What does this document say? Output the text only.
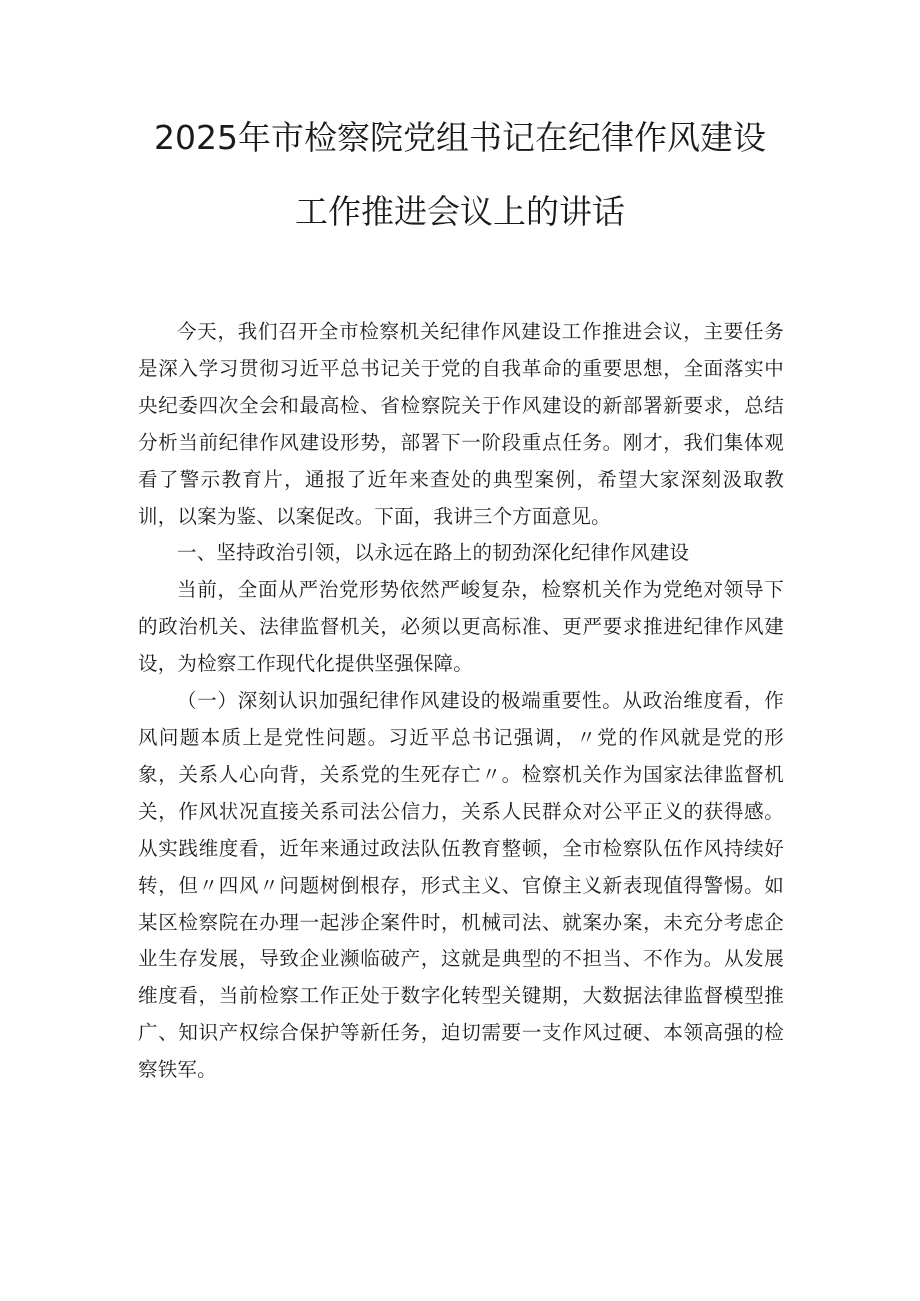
2025年市检察院党组书记在纪律作风建设
工作推进会议上的讲话

今天，我们召开全市检察机关纪律作风建设工作推进会议，主要任务是深入学习贯彻习近平总书记关于党的自我革命的重要思想，全面落实中央纪委四次全会和最高检、省检察院关于作风建设的新部署新要求，总结分析当前纪律作风建设形势，部署下一阶段重点任务。刚才，我们集体观看了警示教育片，通报了近年来查处的典型案例，希望大家深刻汲取教训，以案为鉴、以案促改。下面，我讲三个方面意见。

一、坚持政治引领，以永远在路上的韧劲深化纪律作风建设

当前，全面从严治党形势依然严峻复杂，检察机关作为党绝对领导下的政治机关、法律监督机关，必须以更高标准、更严要求推进纪律作风建设，为检察工作现代化提供坚强保障。

（一）深刻认识加强纪律作风建设的极端重要性。从政治维度看，作风问题本质上是党性问题。习近平总书记强调，〃党的作风就是党的形象，关系人心向背，关系党的生死存亡〃。检察机关作为国家法律监督机关，作风状况直接关系司法公信力，关系人民群众对公平正义的获得感。从实践维度看，近年来通过政法队伍教育整顿，全市检察队伍作风持续好转，但〃四风〃问题树倒根存，形式主义、官僚主义新表现值得警惕。如某区检察院在办理一起涉企案件时，机械司法、就案办案，未充分考虑企业生存发展，导致企业濒临破产，这就是典型的不担当、不作为。从发展维度看，当前检察工作正处于数字化转型关键期，大数据法律监督模型推广、知识产权综合保护等新任务，迫切需要一支作风过硬、本领高强的检察铁军。
